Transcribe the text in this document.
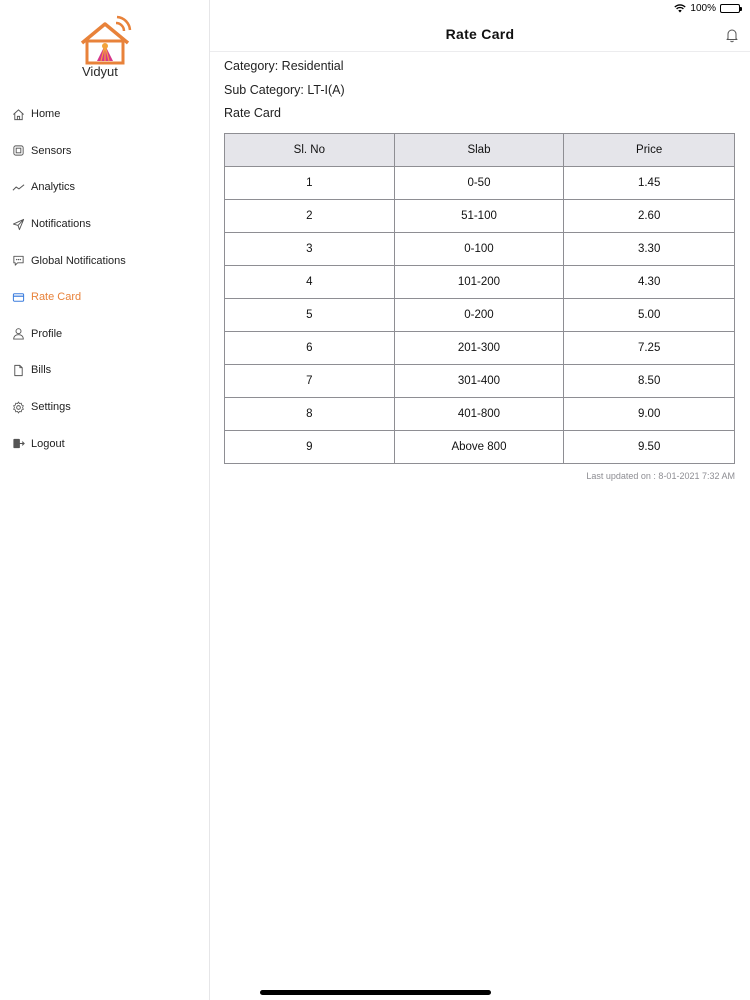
100%
Vidyut
Home
Sensors
Analytics
Notifications
Global Notifications
Rate Card
Profile
Bills
Settings
Logout
Rate Card
Category: Residential
Sub Category: LT-I(A)
Rate Card
Sl. No	Slab	Price
1	0-50	1.45
2	51-100	2.60
3	0-100	3.30
4	101-200	4.30
5	0-200	5.00
6	201-300	7.25
7	301-400	8.50
8	401-800	9.00
9	Above 800	9.50
Last updated on : 8-01-2021 7:32 AM
